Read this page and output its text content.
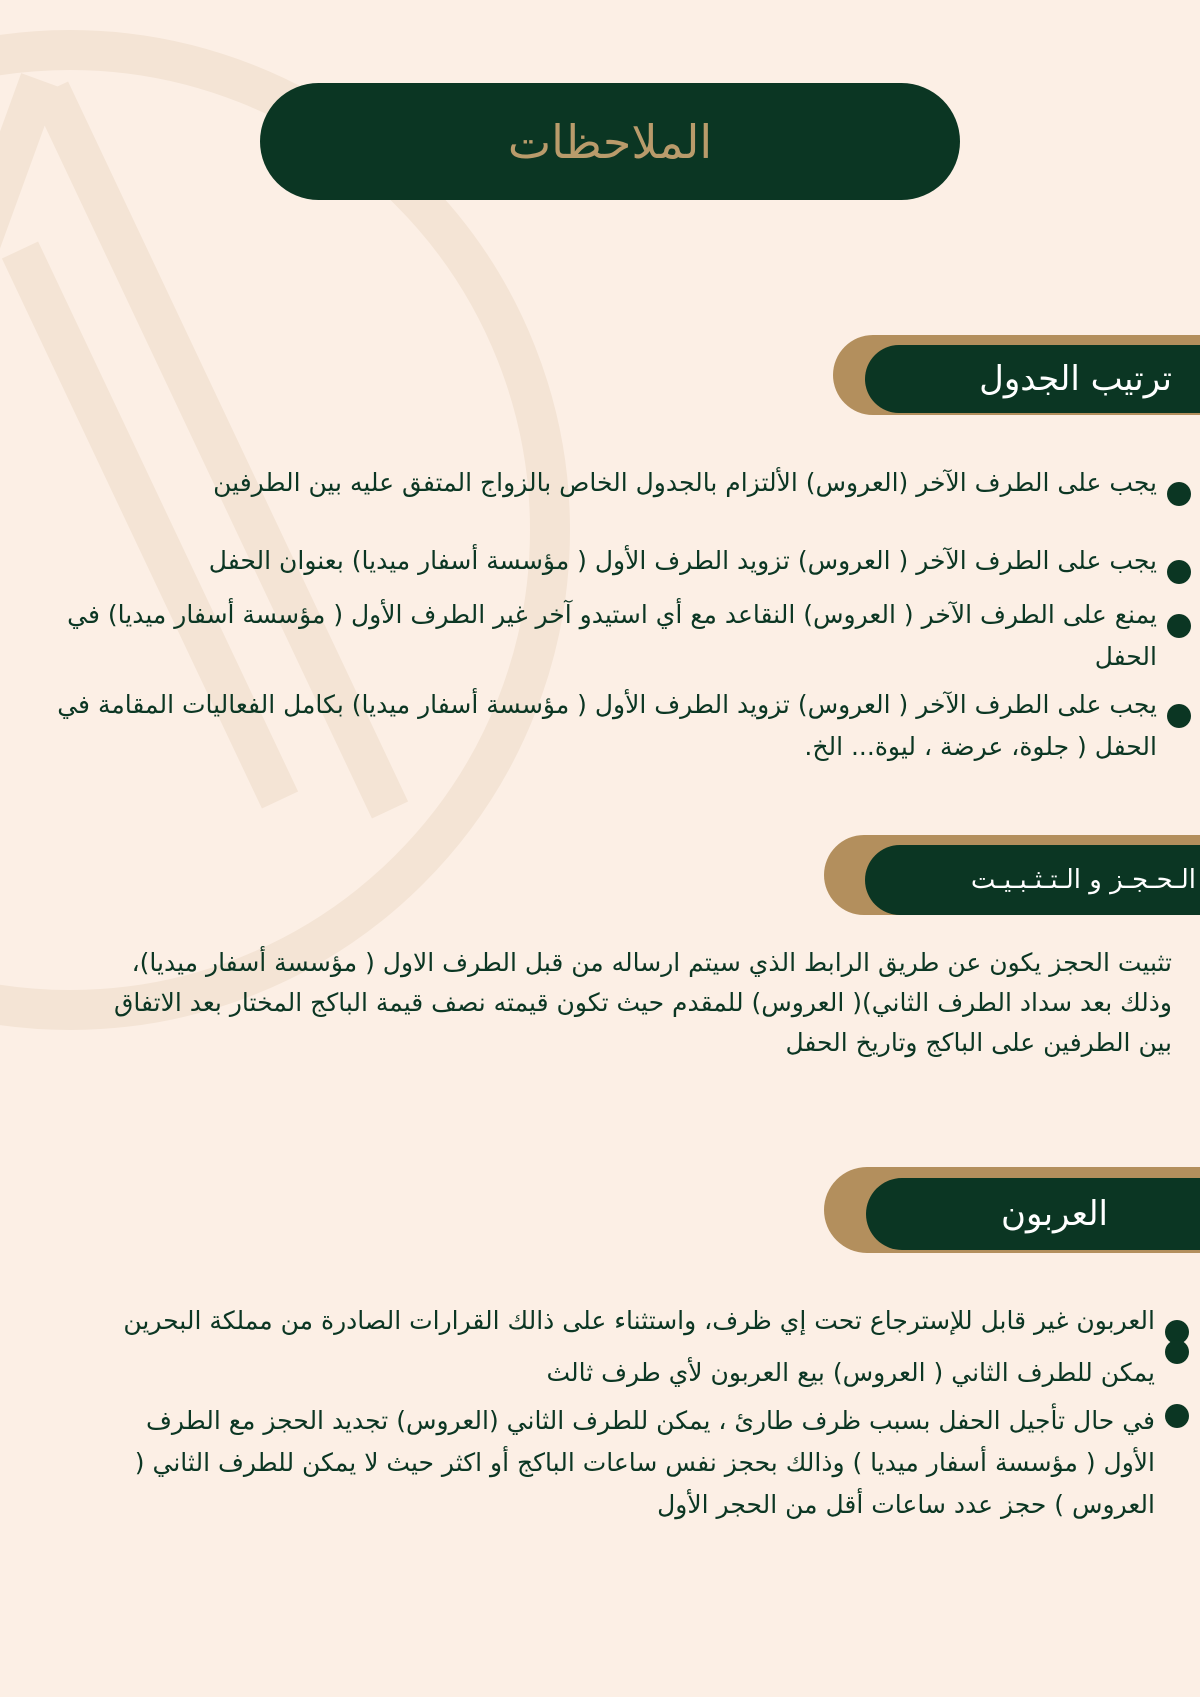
الملاحظات
ترتيب الجدول
يجب على الطرف الآخر (العروس) الألتزام بالجدول الخاص بالزواج المتفق عليه بين الطرفين
يجب على الطرف الآخر ( العروس) تزويد الطرف الأول ( مؤسسة أسفار ميديا) بعنوان الحفل
يمنع على الطرف الآخر ( العروس) النقاعد مع أي استيدو آخر غير الطرف الأول ( مؤسسة أسفار ميديا) في الحفل
يجب على الطرف الآخر ( العروس) تزويد الطرف الأول ( مؤسسة أسفار ميديا) بكامل الفعاليات المقامة في الحفل ( جلوة، عرضة ، ليوة... الخ.
الـحـجـز و الـتـثـبـيـت
تثبيت الحجز يكون عن طريق الرابط الذي سيتم ارساله من قبل الطرف الاول ( مؤسسة أسفار ميديا)، وذلك بعد سداد الطرف الثاني)( العروس) للمقدم حيث تكون قيمته نصف قيمة الباكج المختار بعد الاتفاق بين الطرفين على الباكج وتاريخ الحفل
العربون
العربون غير قابل للإسترجاع تحت إي ظرف، واستثناء على ذالك القرارات الصادرة من مملكة البحرين
يمكن للطرف الثاني ( العروس) بيع العربون لأي طرف ثالث
في حال تأجيل الحفل بسبب ظرف طارئ ، يمكن للطرف الثاني (العروس) تجديد الحجز مع الطرف الأول ( مؤسسة أسفار ميديا ) وذالك بحجز نفس ساعات الباكج أو اكثر حيث لا يمكن للطرف الثاني ( العروس ) حجز عدد ساعات أقل من الحجر الأول
